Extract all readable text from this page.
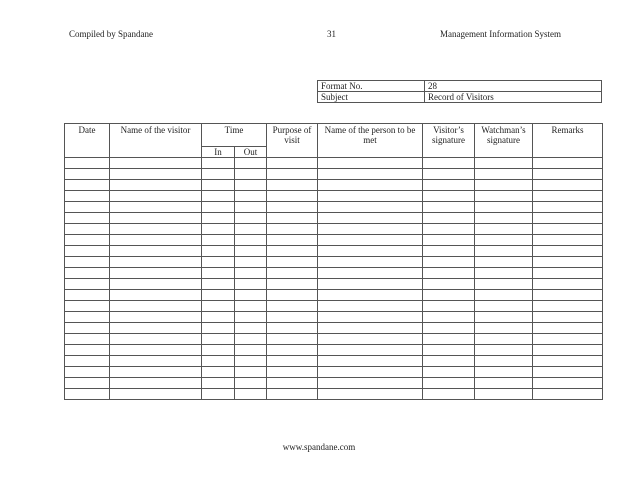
Compiled by Spandane	31	Management Information System
Format No.	28
Subject	Record of Visitors
Date	Name of the visitor	Time		Purpose of visit	Name of the person to be met	Visitor’s signature	Watchman’s signature	Remarks	
		In	Out						

www.spandane.com
